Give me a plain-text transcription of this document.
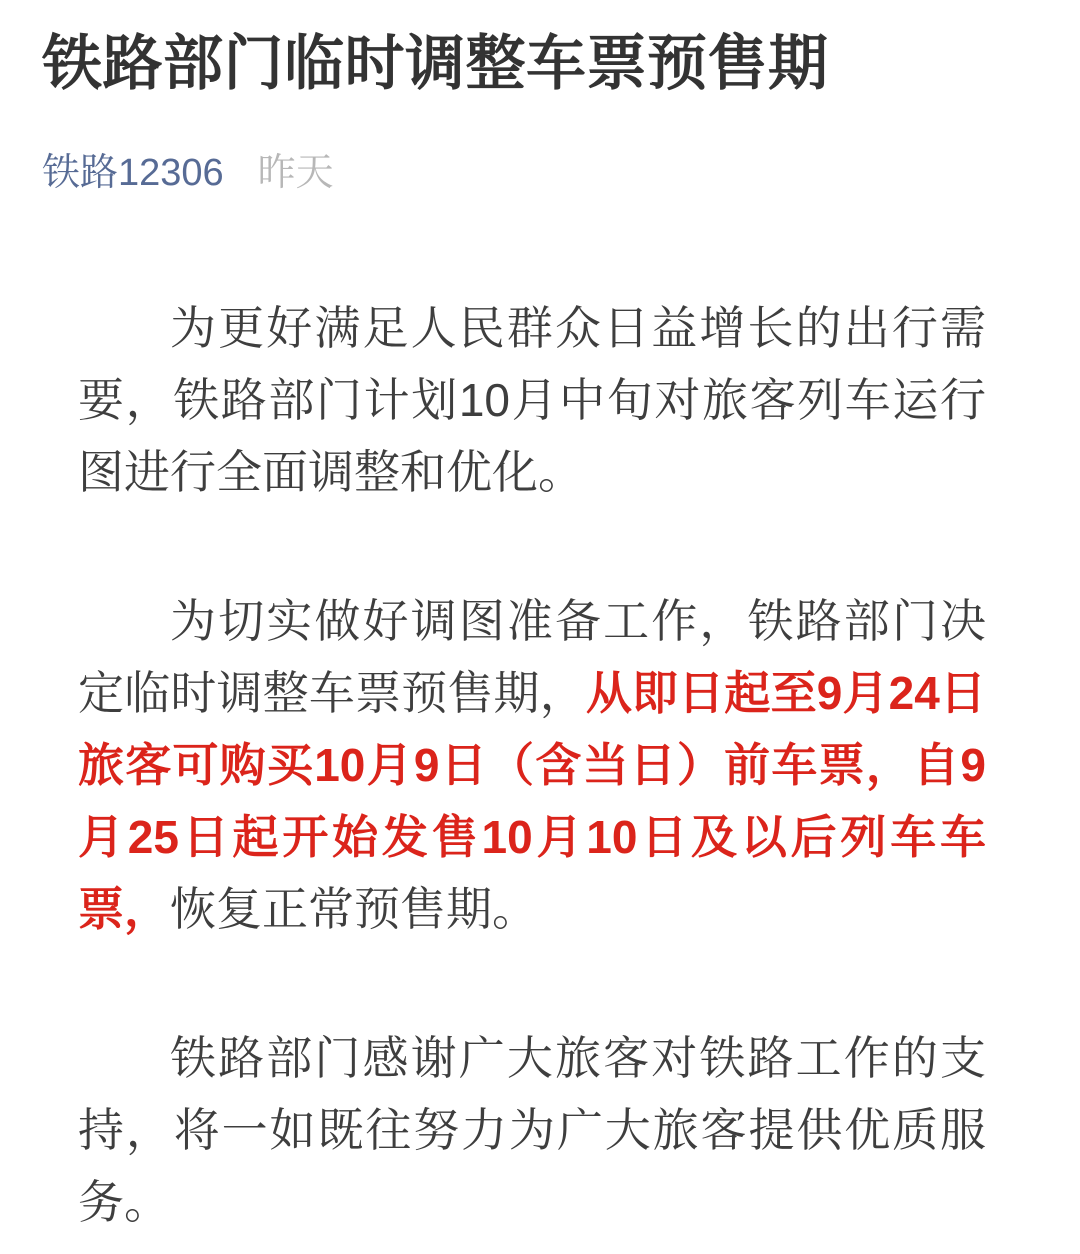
铁路部门临时调整车票预售期
铁路12306 昨天

为更好满足人民群众日益增长的出行需要，铁路部门计划10月中旬对旅客列车运行图进行全面调整和优化。

为切实做好调图准备工作，铁路部门决定临时调整车票预售期，从即日起至9月24日旅客可购买10月9日（含当日）前车票，自9月25日起开始发售10月10日及以后列车车票，恢复正常预售期。

铁路部门感谢广大旅客对铁路工作的支持，将一如既往努力为广大旅客提供优质服务。
